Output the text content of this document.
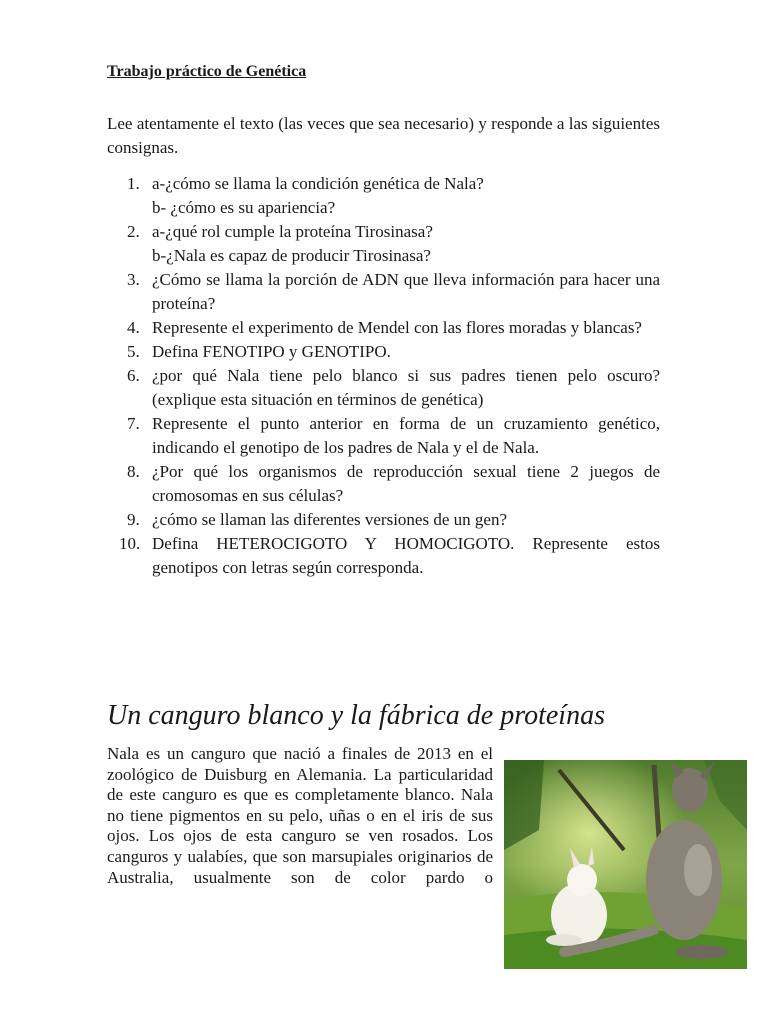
Trabajo práctico de Genética

Lee atentamente el texto (las veces que sea necesario) y responde a las siguientes consignas.

1. a-¿cómo se llama la condición genética de Nala?
b- ¿cómo es su apariencia?
2. a-¿qué rol cumple la proteína Tirosinasa?
b-¿Nala es capaz de producir Tirosinasa?
3. ¿Cómo se llama la porción de ADN que lleva información para hacer una proteína?
4. Represente el experimento de Mendel con las flores moradas y blancas?
5. Defina FENOTIPO y GENOTIPO.
6. ¿por qué Nala tiene pelo blanco si sus padres tienen pelo oscuro? (explique esta situación en términos de genética)
7. Represente el punto anterior en forma de un cruzamiento genético, indicando el genotipo de los padres de Nala y el de Nala.
8. ¿Por qué los organismos de reproducción sexual tiene 2 juegos de cromosomas en sus células?
9. ¿cómo se llaman las diferentes versiones de un gen?
10. Defina HETEROCIGOTO Y HOMOCIGOTO. Represente estos genotipos con letras según corresponda.
Un canguro blanco y la fábrica de proteínas

Nala es un canguro que nació a finales de 2013 en el zoológico de Duisburg en Alemania. La particularidad de este canguro es que es completamente blanco. Nala no tiene pigmentos en su pelo, uñas o en el iris de sus ojos. Los ojos de esta canguro se ven rosados. Los canguros y ualabíes, que son marsupiales originarios de Australia, usualmente son de color pardo o
